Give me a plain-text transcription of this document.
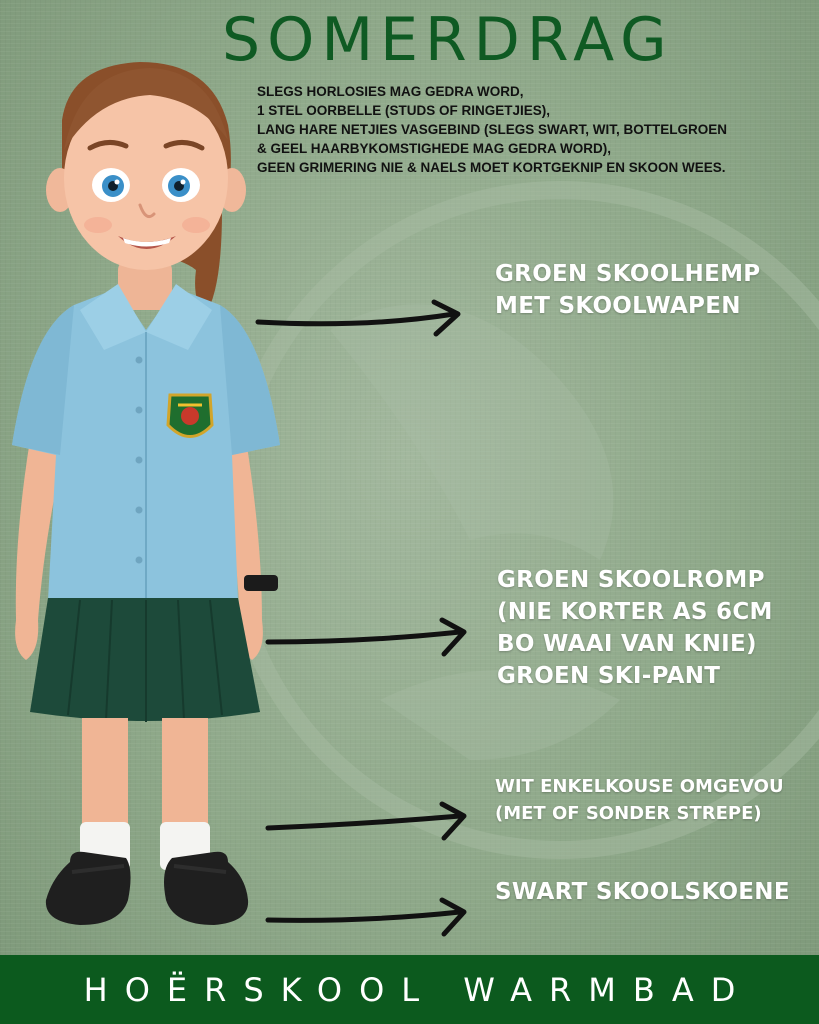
SOMERDRAG
SLEGS HORLOSIES MAG GEDRA WORD,
1 STEL OORBELLE (STUDS OF RINGETJIES),
LANG HARE NETJIES VASGEBIND (SLEGS SWART, WIT, BOTTELGROEN
& GEEL HAARBYKOMSTIGHEDE MAG GEDRA WORD),
GEEN GRIMERING NIE & NAELS MOET KORTGEKNIP EN SKOON WEES.
GROEN SKOOLHEMP
MET SKOOLWAPEN
GROEN SKOOLROMP
(NIE KORTER AS 6CM
BO WAAI VAN KNIE)
GROEN SKI-PANT
WIT ENKELKOUSE OMGEVOU
(MET OF SONDER STREPE)
SWART SKOOLSKOENE
HOËRSKOOL WARMBAD
